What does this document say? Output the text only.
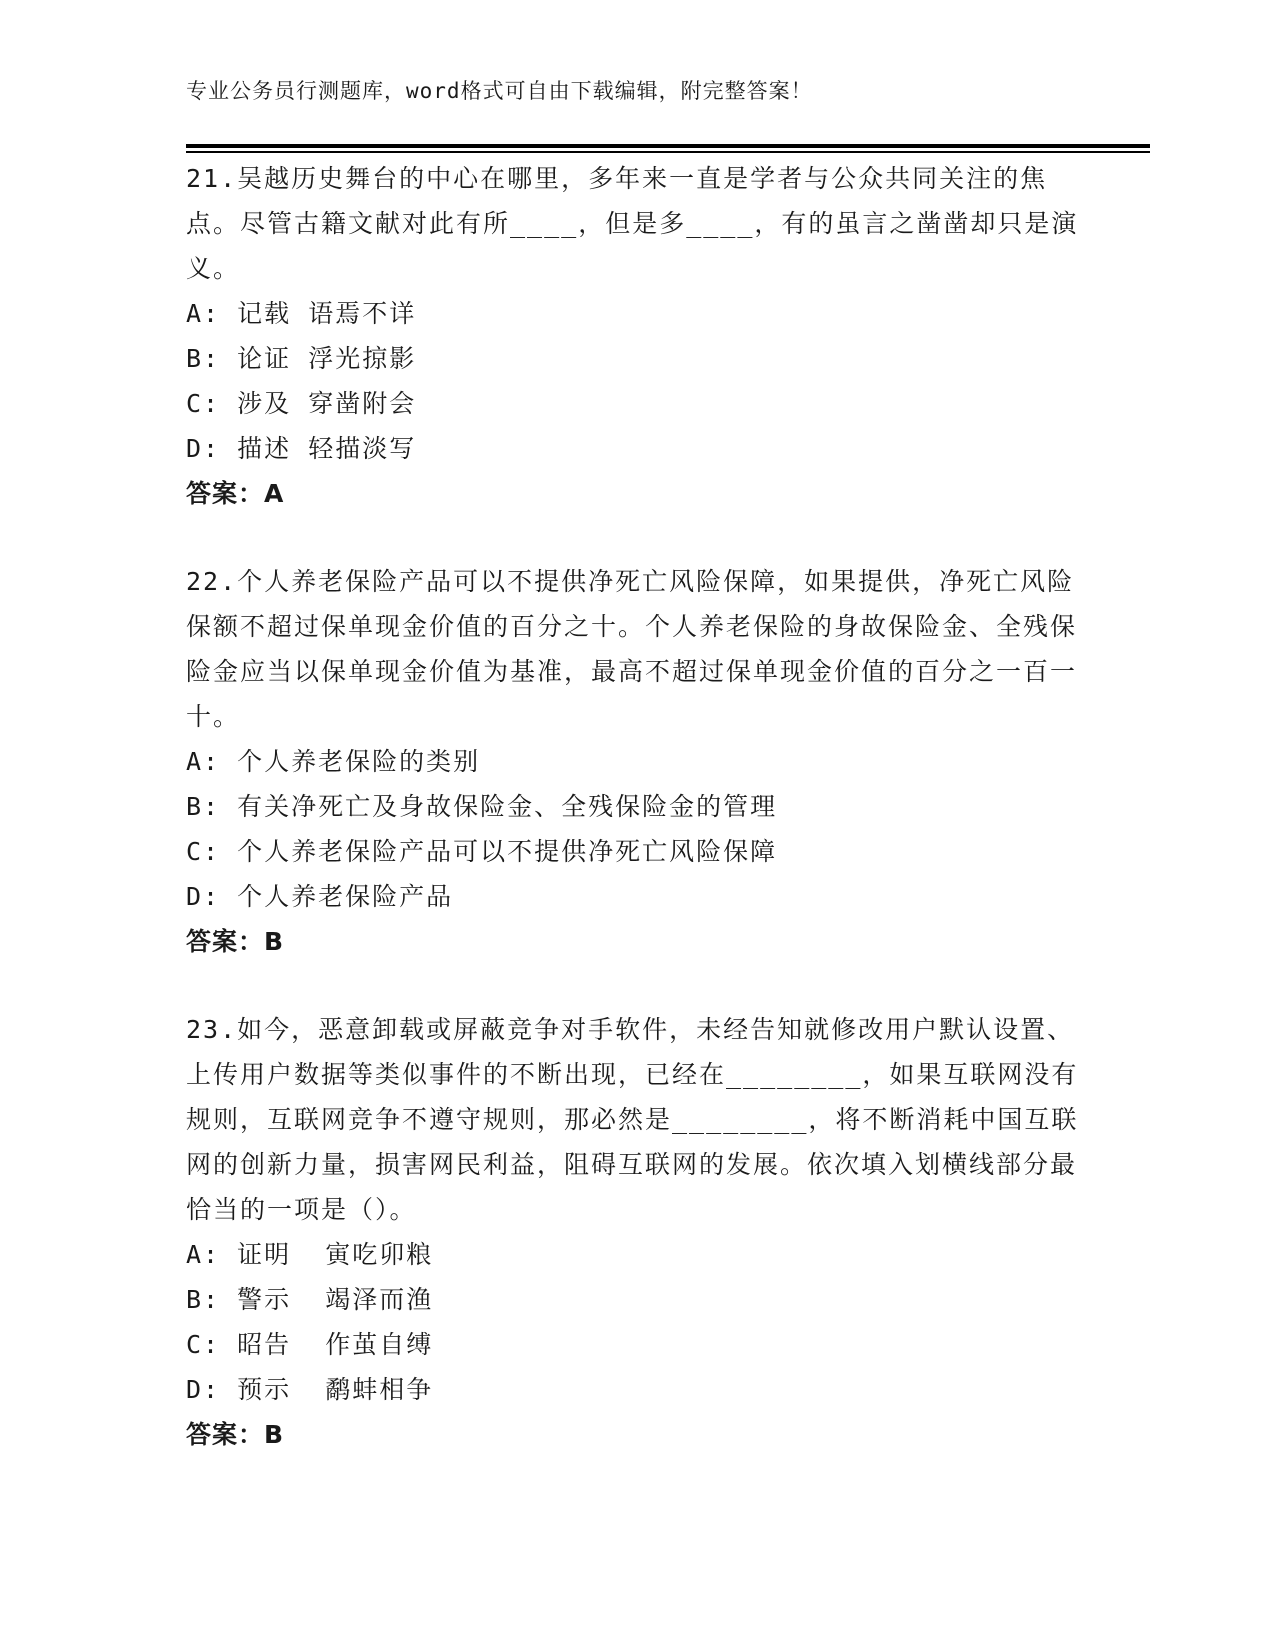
专业公务员行测题库，word格式可自由下载编辑，附完整答案！

21.吴越历史舞台的中心在哪里，多年来一直是学者与公众共同关注的焦点。尽管古籍文献对此有所____，但是多____，有的虽言之凿凿却只是演义。

A: 记载 语焉不详

B: 论证 浮光掠影

C: 涉及 穿凿附会

D: 描述 轻描淡写

答案：A

22.个人养老保险产品可以不提供净死亡风险保障，如果提供，净死亡风险保额不超过保单现金价值的百分之十。个人养老保险的身故保险金、全残保险金应当以保单现金价值为基准，最高不超过保单现金价值的百分之一百一十。

A: 个人养老保险的类别

B: 有关净死亡及身故保险金、全残保险金的管理

C: 个人养老保险产品可以不提供净死亡风险保障

D: 个人养老保险产品

答案：B

23.如今，恶意卸载或屏蔽竞争对手软件，未经告知就修改用户默认设置、上传用户数据等类似事件的不断出现，已经在________，如果互联网没有规则，互联网竞争不遵守规则，那必然是________，将不断消耗中国互联网的创新力量，损害网民利益，阻碍互联网的发展。依次填入划横线部分最恰当的一项是（）。

A: 证明  寅吃卯粮

B: 警示  竭泽而渔

C: 昭告  作茧自缚

D: 预示  鹬蚌相争

答案：B
